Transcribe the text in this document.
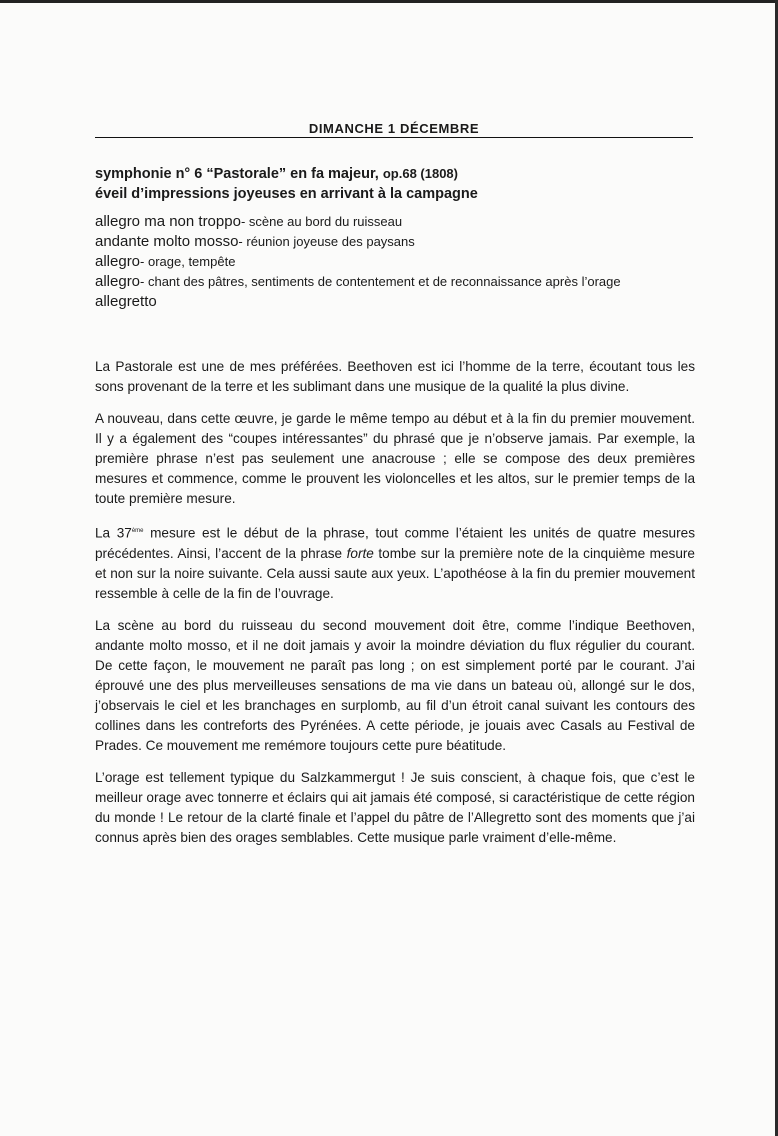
DIMANCHE 1 DÉCEMBRE
symphonie n° 6 “Pastorale” en fa majeur, op.68 (1808)
éveil d’impressions joyeuses en arrivant à la campagne
allegro ma non troppo - scène au bord du ruisseau
andante molto mosso - réunion joyeuse des paysans
allegro - orage, tempête
allegro - chant des pâtres, sentiments de contentement et de reconnaissance après l’orage
allegretto

La Pastorale est une de mes préférées. Beethoven est ici l’homme de la terre, écoutant tous les sons provenant de la terre et les sublimant dans une musique de la qualité la plus divine.

A nouveau, dans cette œuvre, je garde le même tempo au début et à la fin du premier mouvement. Il y a également des “coupes intéressantes” du phrasé que je n’observe jamais. Par exemple, la première phrase n’est pas seulement une anacrouse ; elle se compose des deux premières mesures et commence, comme le prouvent les violoncelles et les altos, sur le premier temps de la toute première mesure.

La 37ème mesure est le début de la phrase, tout comme l’étaient les unités de quatre mesures précédentes. Ainsi, l’accent de la phrase forte tombe sur la première note de la cinquième mesure et non sur la noire suivante. Cela aussi saute aux yeux. L’apothéose à la fin du premier mouvement ressemble à celle de la fin de l’ouvrage.

La scène au bord du ruisseau du second mouvement doit être, comme l’indique Beethoven, andante molto mosso, et il ne doit jamais y avoir la moindre déviation du flux régulier du courant. De cette façon, le mouvement ne paraît pas long ; on est simplement porté par le courant. J’ai éprouvé une des plus merveilleuses sensations de ma vie dans un bateau où, allongé sur le dos, j’observais le ciel et les branchages en surplomb, au fil d’un étroit canal suivant les contours des collines dans les contreforts des Pyrénées. A cette période, je jouais avec Casals au Festival de Prades. Ce mouvement me remémore toujours cette pure béatitude.

L’orage est tellement typique du Salzkammergut ! Je suis conscient, à chaque fois, que c’est le meilleur orage avec tonnerre et éclairs qui ait jamais été composé, si caractéristique de cette région du monde ! Le retour de la clarté finale et l’appel du pâtre de l’Allegretto sont des moments que j’ai connus après bien des orages semblables. Cette musique parle vraiment d’elle-même.
